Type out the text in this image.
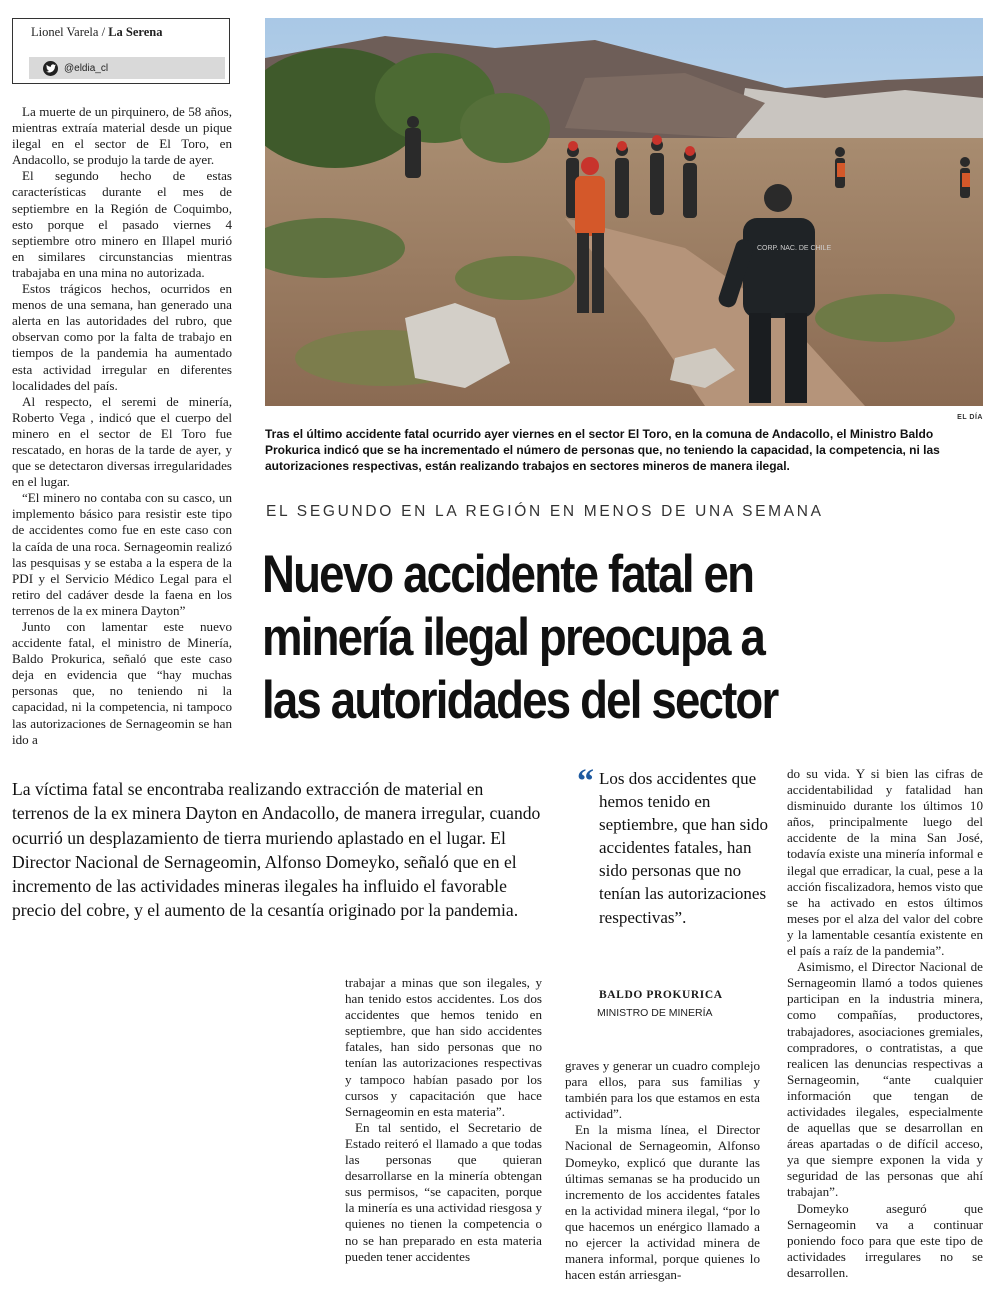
Lionel Varela / La Serena
@eldia_cl

La muerte de un pirquinero, de 58 años, mientras extraía material desde un pique ilegal en el sector de El Toro, en Andacollo, se produjo la tarde de ayer.

El segundo hecho de estas características durante el mes de septiembre en la Región de Coquimbo, esto porque el pasado viernes 4 septiembre otro minero en Illapel murió en similares circunstancias mientras trabajaba en una mina no autorizada.

Estos trágicos hechos, ocurridos en menos de una semana, han generado una alerta en las autoridades del rubro, que observan como por la falta de trabajo en tiempos de la pandemia ha aumentado esta actividad irregular en diferentes localidades del país.

Al respecto, el seremi de minería, Roberto Vega , indicó que el cuerpo del minero en el sector de El Toro fue rescatado, en horas de la tarde de ayer, y que se detectaron diversas irregularidades en el lugar.

“El minero no contaba con su casco, un implemento básico para resistir este tipo de accidentes como fue en este caso con la caída de una roca. Sernageomin realizó las pesquisas y se estaba a la espera de la PDI y el Servicio Médico Legal para el retiro del cadáver desde la faena en los terrenos de la ex minera Dayton”

Junto con lamentar este nuevo accidente fatal, el ministro de Minería, Baldo Prokurica, señaló que este caso deja en evidencia que “hay muchas personas que, no teniendo ni la capacidad, ni la competencia, ni tampoco las autorizaciones de Sernageomin se han ido a

CORP. NAC. DE CHILE
EL DÍA
Tras el último accidente fatal ocurrido ayer viernes en el sector El Toro, en la comuna de Andacollo, el Ministro Baldo Prokurica indicó que se ha incrementado el número de personas que, no teniendo la capacidad, la competencia, ni las autorizaciones respectivas, están realizando trabajos en sectores mineros de manera ilegal.
EL SEGUNDO EN LA REGIÓN EN MENOS DE UNA SEMANA
Nuevo accidente fatal en minería ilegal preocupa a las autoridades del sector
La víctima fatal se encontraba realizando extracción de material en terrenos de la ex minera Dayton en Andacollo, de manera irregular, cuando ocurrió un desplazamiento de tierra muriendo aplastado en el lugar. El Director Nacional de Sernageomin, Alfonso Domeyko, señaló que en el incremento de las actividades mineras ilegales ha influido el favorable precio del cobre, y el aumento de la cesantía originado por la pandemia.

trabajar a minas que son ilegales, y han tenido estos accidentes. Los dos accidentes que hemos tenido en septiembre, que han sido accidentes fatales, han sido personas que no tenían las autorizaciones respectivas y tampoco habían pasado por los cursos y capacitación que hace Sernageomin en esta materia”.

En tal sentido, el Secretario de Estado reiteró el llamado a que todas las personas que quieran desarrollarse en la minería obtengan sus permisos, “se capaciten, porque la minería es una actividad riesgosa y quienes no tienen la competencia o no se han preparado en esta materia pueden tener accidentes

“ Los dos accidentes que hemos tenido en septiembre, que han sido accidentes fatales, han sido personas que no tenían las autorizaciones respectivas”.
BALDO PROKURICA
MINISTRO DE MINERÍA

graves y generar un cuadro complejo para ellos, para sus familias y también para los que estamos en esta actividad”.

En la misma línea, el Director Nacional de Sernageomin, Alfonso Domeyko, explicó que durante las últimas semanas se ha producido un incremento de los accidentes fatales en la actividad minera ilegal, “por lo que hacemos un enérgico llamado a no ejercer la actividad minera de manera informal, porque quienes lo hacen están arriesgan-

do su vida. Y si bien las cifras de accidentabilidad y fatalidad han disminuido durante los últimos 10 años, principalmente luego del accidente de la mina San José, todavía existe una minería informal e ilegal que erradicar, la cual, pese a la acción fiscalizadora, hemos visto que se ha activado en estos últimos meses por el alza del valor del cobre y la lamentable cesantía existente en el país a raíz de la pandemia”.

Asimismo, el Director Nacional de Sernageomin llamó a todos quienes participan en la industria minera, como compañías, productores, trabajadores, asociaciones gremiales, compradores, o contratistas, a que realicen las denuncias respectivas a Sernageomin, “ante cualquier información que tengan de actividades ilegales, especialmente de aquellas que se desarrollan en áreas apartadas o de difícil acceso, ya que siempre exponen la vida y seguridad de las personas que ahí trabajan”.

Domeyko aseguró que Sernageomin va a continuar poniendo foco para que este tipo de actividades irregulares no se desarrollen.
